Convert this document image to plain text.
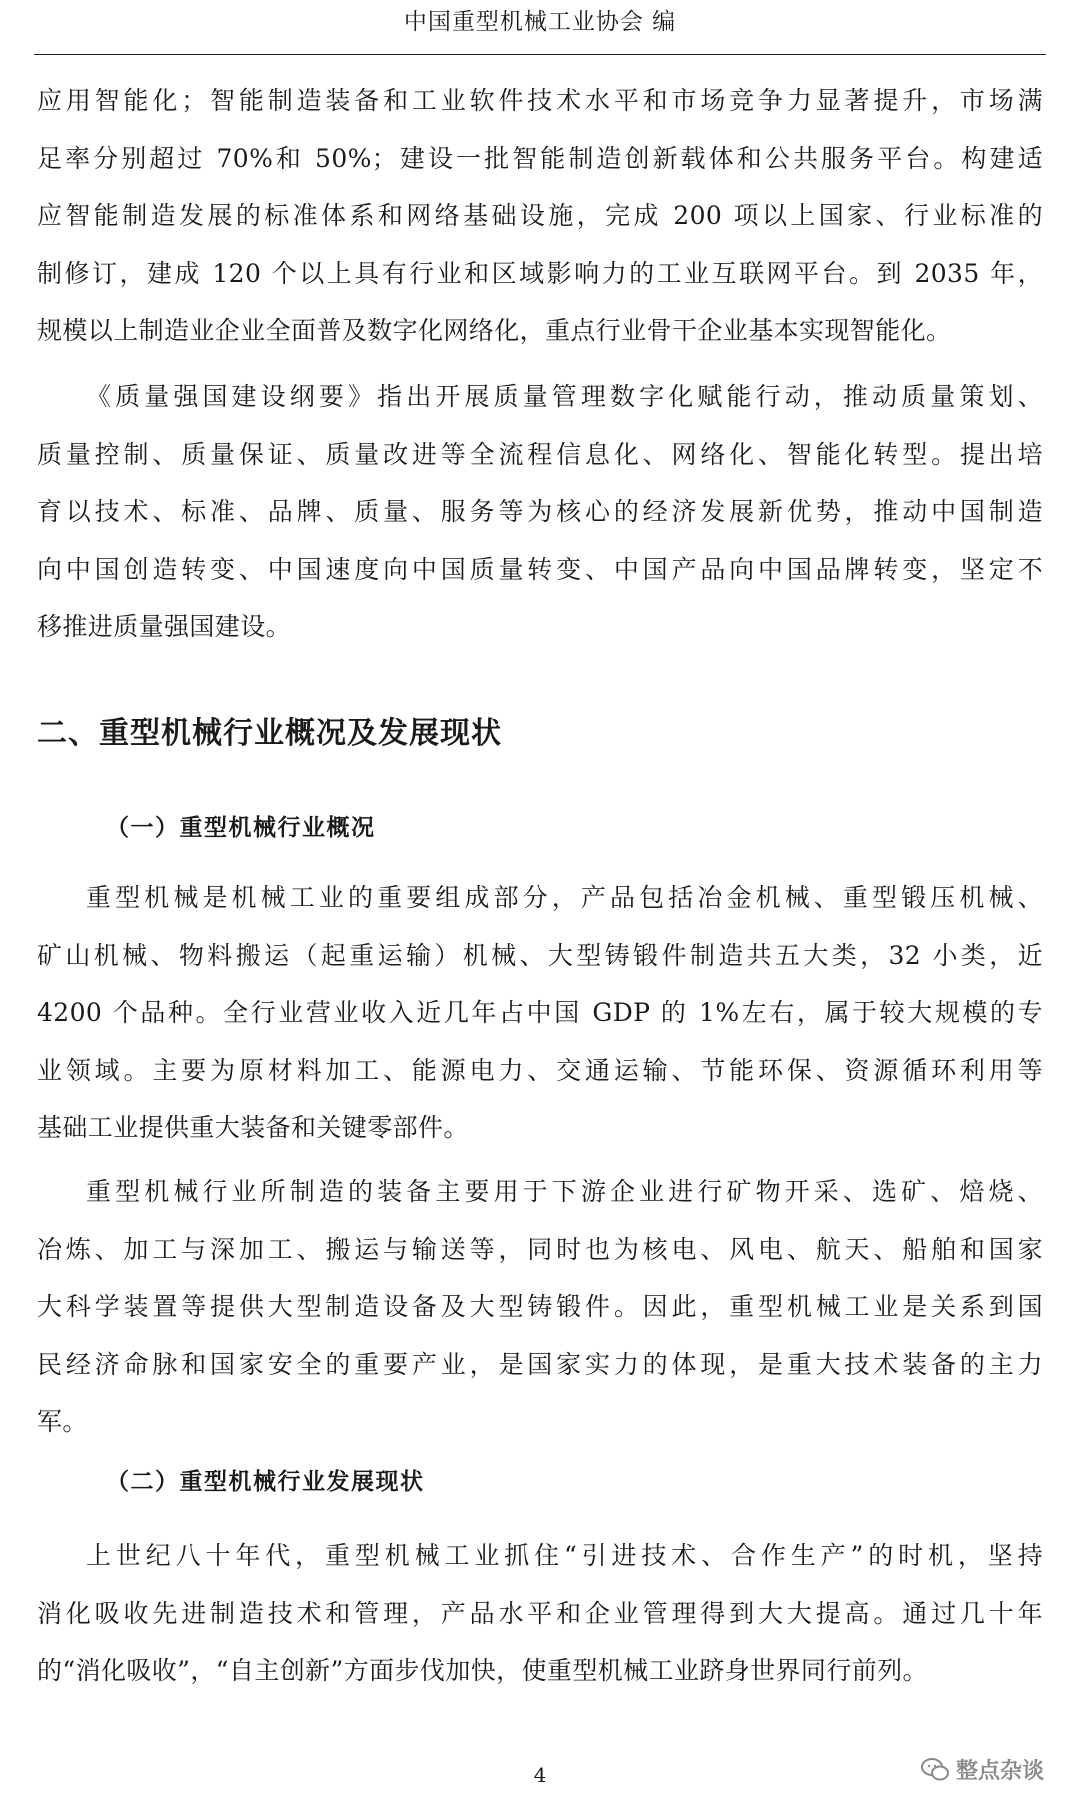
中国重型机械工业协会 编
应用智能化；智能制造装备和工业软件技术水平和市场竞争力显著提升，市场满
足率分别超过 70%和 50%；建设一批智能制造创新载体和公共服务平台。构建适
应智能制造发展的标准体系和网络基础设施，完成 200 项以上国家、行业标准的
制修订，建成 120 个以上具有行业和区域影响力的工业互联网平台。到 2035 年，
规模以上制造业企业全面普及数字化网络化，重点行业骨干企业基本实现智能化。
《质量强国建设纲要》指出开展质量管理数字化赋能行动，推动质量策划、
质量控制、质量保证、质量改进等全流程信息化、网络化、智能化转型。提出培
育以技术、标准、品牌、质量、服务等为核心的经济发展新优势，推动中国制造
向中国创造转变、中国速度向中国质量转变、中国产品向中国品牌转变，坚定不
移推进质量强国建设。
二、重型机械行业概况及发展现状
（一）重型机械行业概况
重型机械是机械工业的重要组成部分，产品包括冶金机械、重型锻压机械、
矿山机械、物料搬运（起重运输）机械、大型铸锻件制造共五大类，32 小类，近
4200 个品种。全行业营业收入近几年占中国 GDP 的 1%左右，属于较大规模的专
业领域。主要为原材料加工、能源电力、交通运输、节能环保、资源循环利用等
基础工业提供重大装备和关键零部件。
重型机械行业所制造的装备主要用于下游企业进行矿物开采、选矿、焙烧、
冶炼、加工与深加工、搬运与输送等，同时也为核电、风电、航天、船舶和国家
大科学装置等提供大型制造设备及大型铸锻件。因此，重型机械工业是关系到国
民经济命脉和国家安全的重要产业，是国家实力的体现，是重大技术装备的主力
军。
（二）重型机械行业发展现状
上世纪八十年代，重型机械工业抓住“引进技术、合作生产”的时机，坚持
消化吸收先进制造技术和管理，产品水平和企业管理得到大大提高。通过几十年
的“消化吸收”，“自主创新”方面步伐加快，使重型机械工业跻身世界同行前列。
4	整点杂谈
